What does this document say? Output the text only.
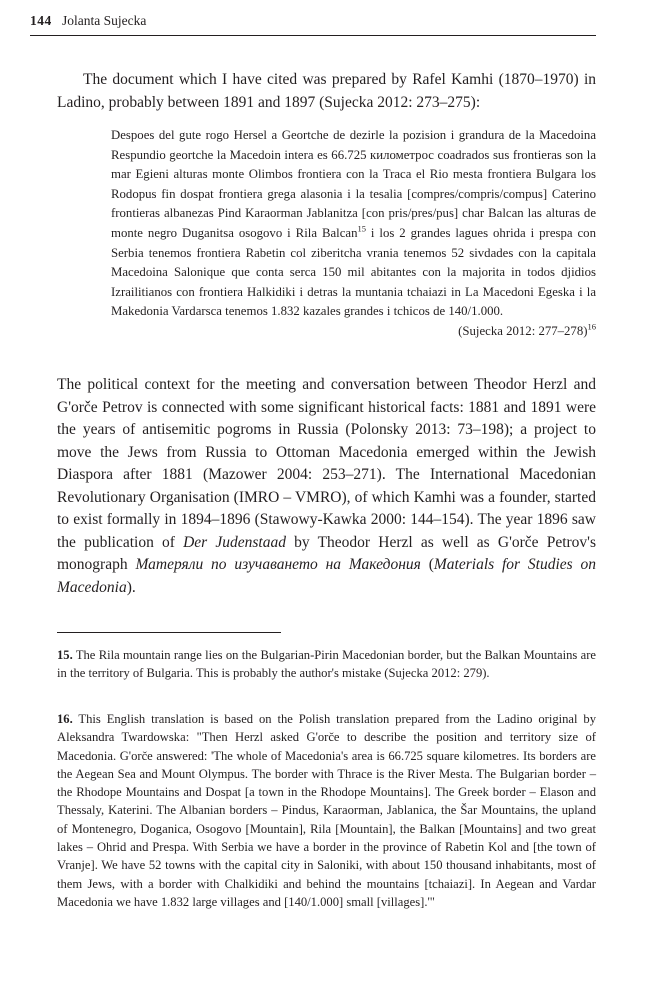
144 Jolanta Sujecka

The document which I have cited was prepared by Rafel Kamhi (1870–1970) in Ladino, probably between 1891 and 1897 (Sujecka 2012: 273–275):

Despoes del gute rogo Hersel a Geortche de dezirle la pozision i grandura de la Macedoina Respundio geortche la Macedoin intera es 66.725 километрос coadrados sus frontieras son la mar Egieni alturas monte Olimbos frontiera con la Traca el Rio mesta frontiera Bulgara los Rodopus fin dospat frontiera grega alasonia i la tesalia [compres/compris/compus] Caterino frontieras albanezas Pind Karaorman Jablanitza [con pris/pres/pus] char Balcan las alturas de monte negro Duganitsa osogovo i Rila Balcan$^{15}$ i los 2 grandes lagues ohrida i prespa con Serbia tenemos frontiera Rabetin col ziberitcha vrania tenemos 52 sivdades con la capitala Macedoina Salonique que conta serca 150 mil abitantes con la majorita in todos djidios Izrailitianos con frontiera Halkidiki i detras la muntania tchaiazi in La Macedoni Egeska i la Makedonia Vardarsca tenemos 1.832 kazales grandes i tchicos de 140/1.000.
(Sujecka 2012: 277–278)$^{16}$

The political context for the meeting and conversation between Theodor Herzl and G'orče Petrov is connected with some significant historical facts: 1881 and 1891 were the years of antisemitic pogroms in Russia (Polonsky 2013: 73–198); a project to move the Jews from Russia to Ottoman Macedonia emerged within the Jewish Diaspora after 1881 (Mazower 2004: 253–271). The International Macedonian Revolutionary Organisation (IMRO – VMRO), of which Kamhi was a founder, started to exist formally in 1894–1896 (Stawowy-Kawka 2000: 144–154). The year 1896 saw the publication of Der Judenstaad by Theodor Herzl as well as G'orče Petrov's monograph Матеряли по изучаването на Македония (Materials for Studies on Macedonia).

15. The Rila mountain range lies on the Bulgarian-Pirin Macedonian border, but the Balkan Mountains are in the territory of Bulgaria. This is probably the author's mistake (Sujecka 2012: 279).

16. This English translation is based on the Polish translation prepared from the Ladino original by Aleksandra Twardowska: "Then Herzl asked G'orče to describe the position and territory size of Macedonia. G'orče answered: 'The whole of Macedonia's area is 66.725 square kilometres. Its borders are the Aegean Sea and Mount Olympus. The border with Thrace is the River Mesta. The Bulgarian border – the Rhodope Mountains and Dospat [a town in the Rhodope Mountains]. The Greek border – Elason and Thessaly, Katerini. The Albanian borders – Pindus, Karaorman, Jablanica, the Šar Mountains, the upland of Montenegro, Doganica, Osogovo [Mountain], Rila [Mountain], the Balkan [Mountains] and two great lakes – Ohrid and Prespa. With Serbia we have a border in the province of Rabetin Kol and [the town of Vranje]. We have 52 towns with the capital city in Saloniki, with about 150 thousand inhabitants, most of them Jews, with a border with Chalkidiki and behind the mountains [tchaiazi]. In Aegean and Vardar Macedonia we have 1.832 large villages and [140/1.000] small [villages].'"
